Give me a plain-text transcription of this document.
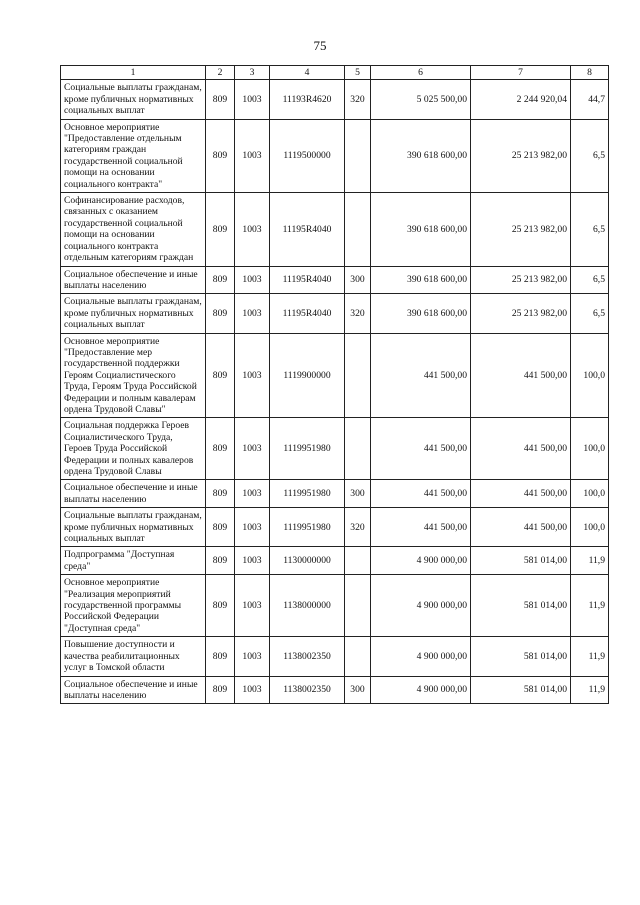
75
1	2	3	4	5	6	7	8
Социальные выплаты гражданам, кроме публичных нормативных социальных выплат	809	1003	11193R4620	320	5 025 500,00	2 244 920,04	44,7
Основное мероприятие "Предоставление отдельным категориям граждан государственной социальной помощи на основании социального контракта"	809	1003	1119500000		390 618 600,00	25 213 982,00	6,5
Софинансирование расходов, связанных с оказанием государственной социальной помощи на основании социального контракта отдельным категориям граждан	809	1003	11195R4040		390 618 600,00	25 213 982,00	6,5
Социальное обеспечение и иные выплаты населению	809	1003	11195R4040	300	390 618 600,00	25 213 982,00	6,5
Социальные выплаты гражданам, кроме публичных нормативных социальных выплат	809	1003	11195R4040	320	390 618 600,00	25 213 982,00	6,5
Основное мероприятие "Предоставление мер государственной поддержки Героям Социалистического Труда, Героям Труда Российской Федерации и полным кавалерам ордена Трудовой Славы"	809	1003	1119900000		441 500,00	441 500,00	100,0
Социальная поддержка Героев Социалистического Труда, Героев Труда Российской Федерации и полных кавалеров ордена Трудовой Славы	809	1003	1119951980		441 500,00	441 500,00	100,0
Социальное обеспечение и иные выплаты населению	809	1003	1119951980	300	441 500,00	441 500,00	100,0
Социальные выплаты гражданам, кроме публичных нормативных социальных выплат	809	1003	1119951980	320	441 500,00	441 500,00	100,0
Подпрограмма "Доступная среда"	809	1003	1130000000		4 900 000,00	581 014,00	11,9
Основное мероприятие "Реализация мероприятий государственной программы Российской Федерации "Доступная среда"	809	1003	1138000000		4 900 000,00	581 014,00	11,9
Повышение доступности и качества реабилитационных услуг в Томской области	809	1003	1138002350		4 900 000,00	581 014,00	11,9
Социальное обеспечение и иные выплаты населению	809	1003	1138002350	300	4 900 000,00	581 014,00	11,9
